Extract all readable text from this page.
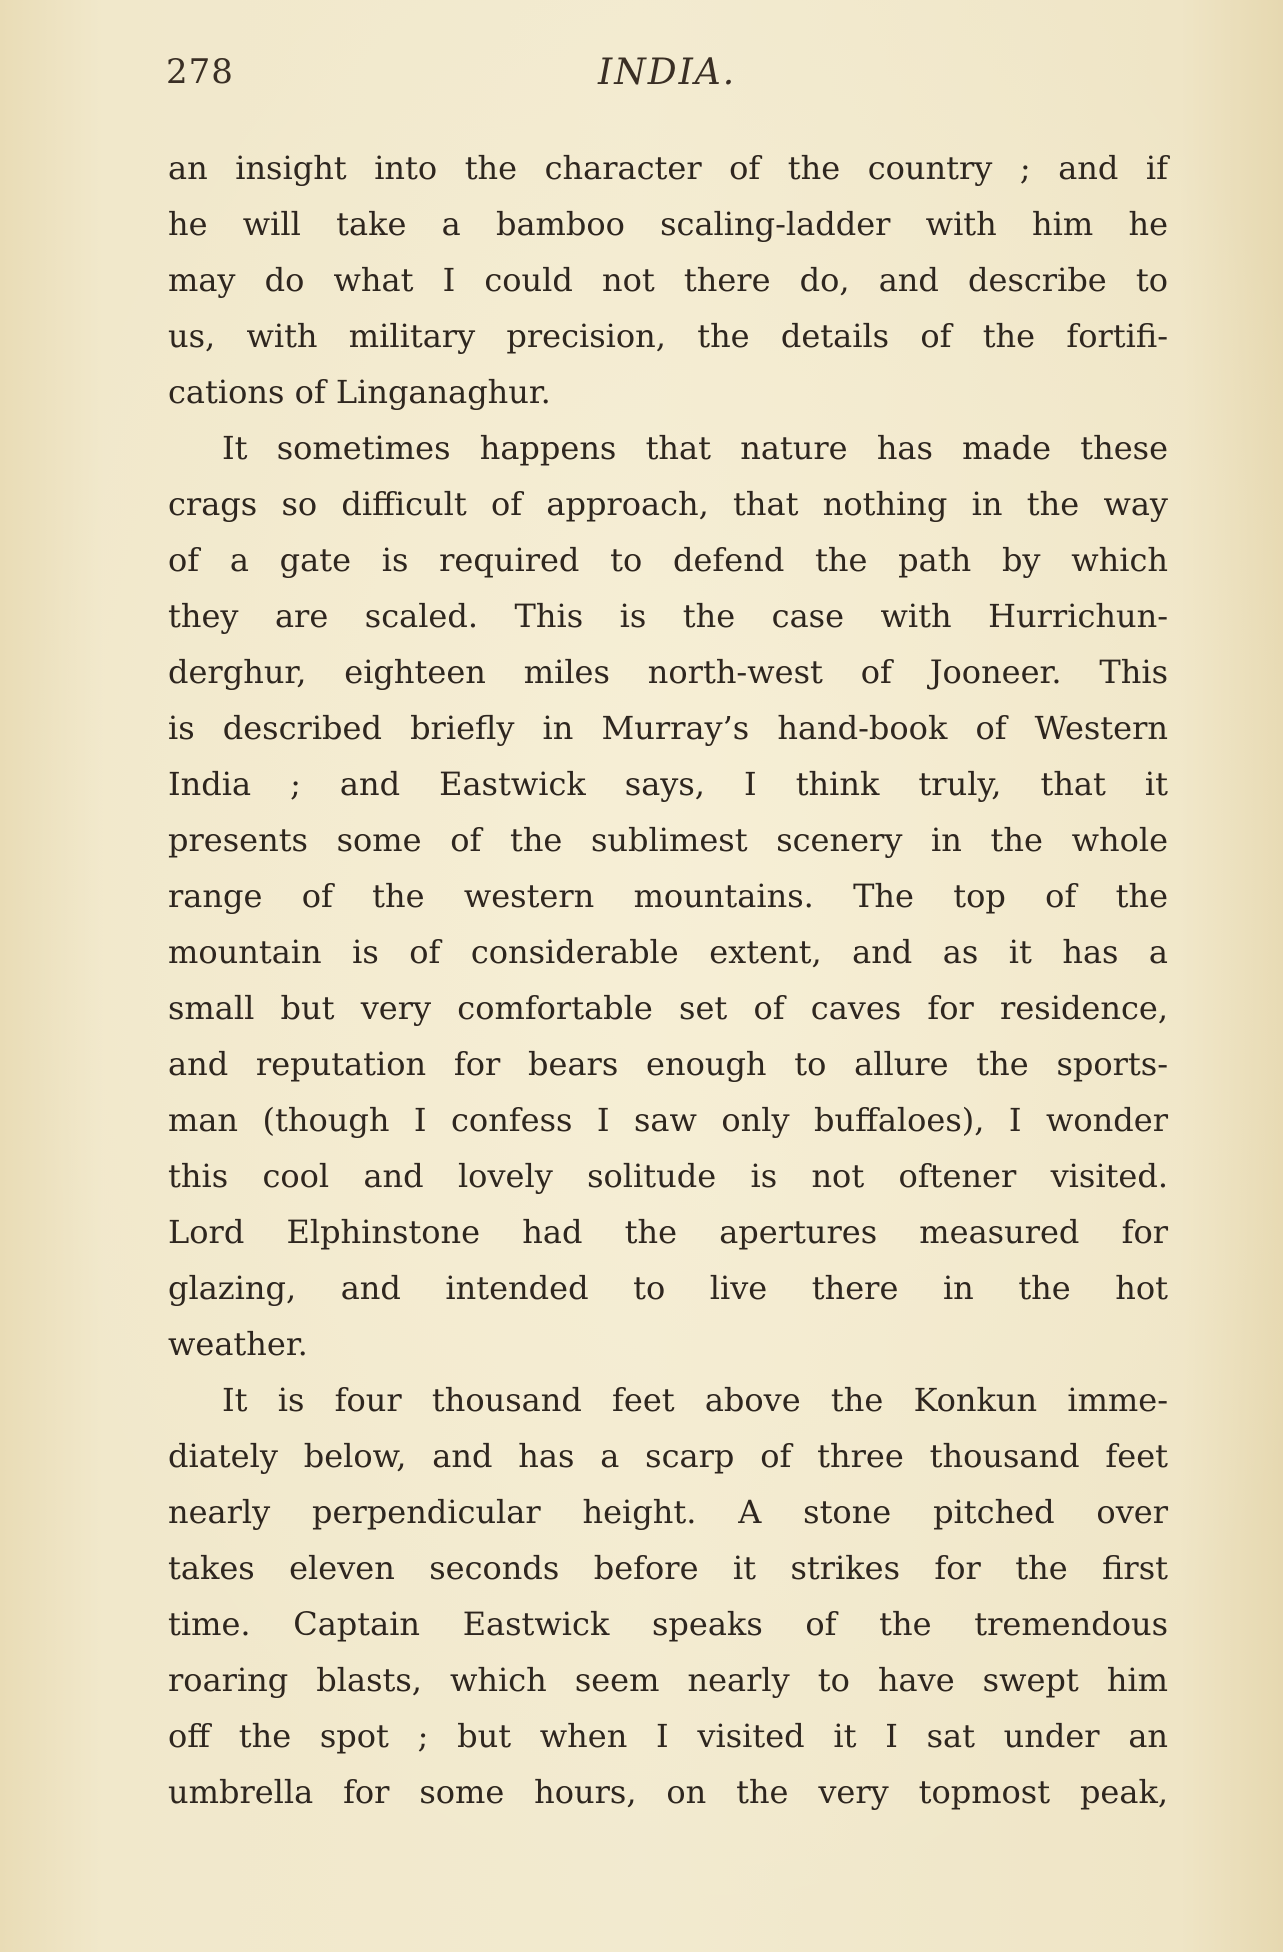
278	INDIA.
an insight into the character of the country ; and if
he will take a bamboo scaling-ladder with him he
may do what I could not there do, and describe to
us, with military precision, the details of the fortifi-
cations of Linganaghur.
It sometimes happens that nature has made these
crags so difficult of approach, that nothing in the way
of a gate is required to defend the path by which
they are scaled. This is the case with Hurrichun-
derghur, eighteen miles north-west of Jooneer. This
is described briefly in Murray’s hand-book of Western
India ; and Eastwick says, I think truly, that it
presents some of the sublimest scenery in the whole
range of the western mountains. The top of the
mountain is of considerable extent, and as it has a
small but very comfortable set of caves for residence,
and reputation for bears enough to allure the sports-
man (though I confess I saw only buffaloes), I wonder
this cool and lovely solitude is not oftener visited.
Lord Elphinstone had the apertures measured for
glazing, and intended to live there in the hot
weather.
It is four thousand feet above the Konkun imme-
diately below, and has a scarp of three thousand feet
nearly perpendicular height. A stone pitched over
takes eleven seconds before it strikes for the first
time. Captain Eastwick speaks of the tremendous
roaring blasts, which seem nearly to have swept him
off the spot ; but when I visited it I sat under an
umbrella for some hours, on the very topmost peak,
